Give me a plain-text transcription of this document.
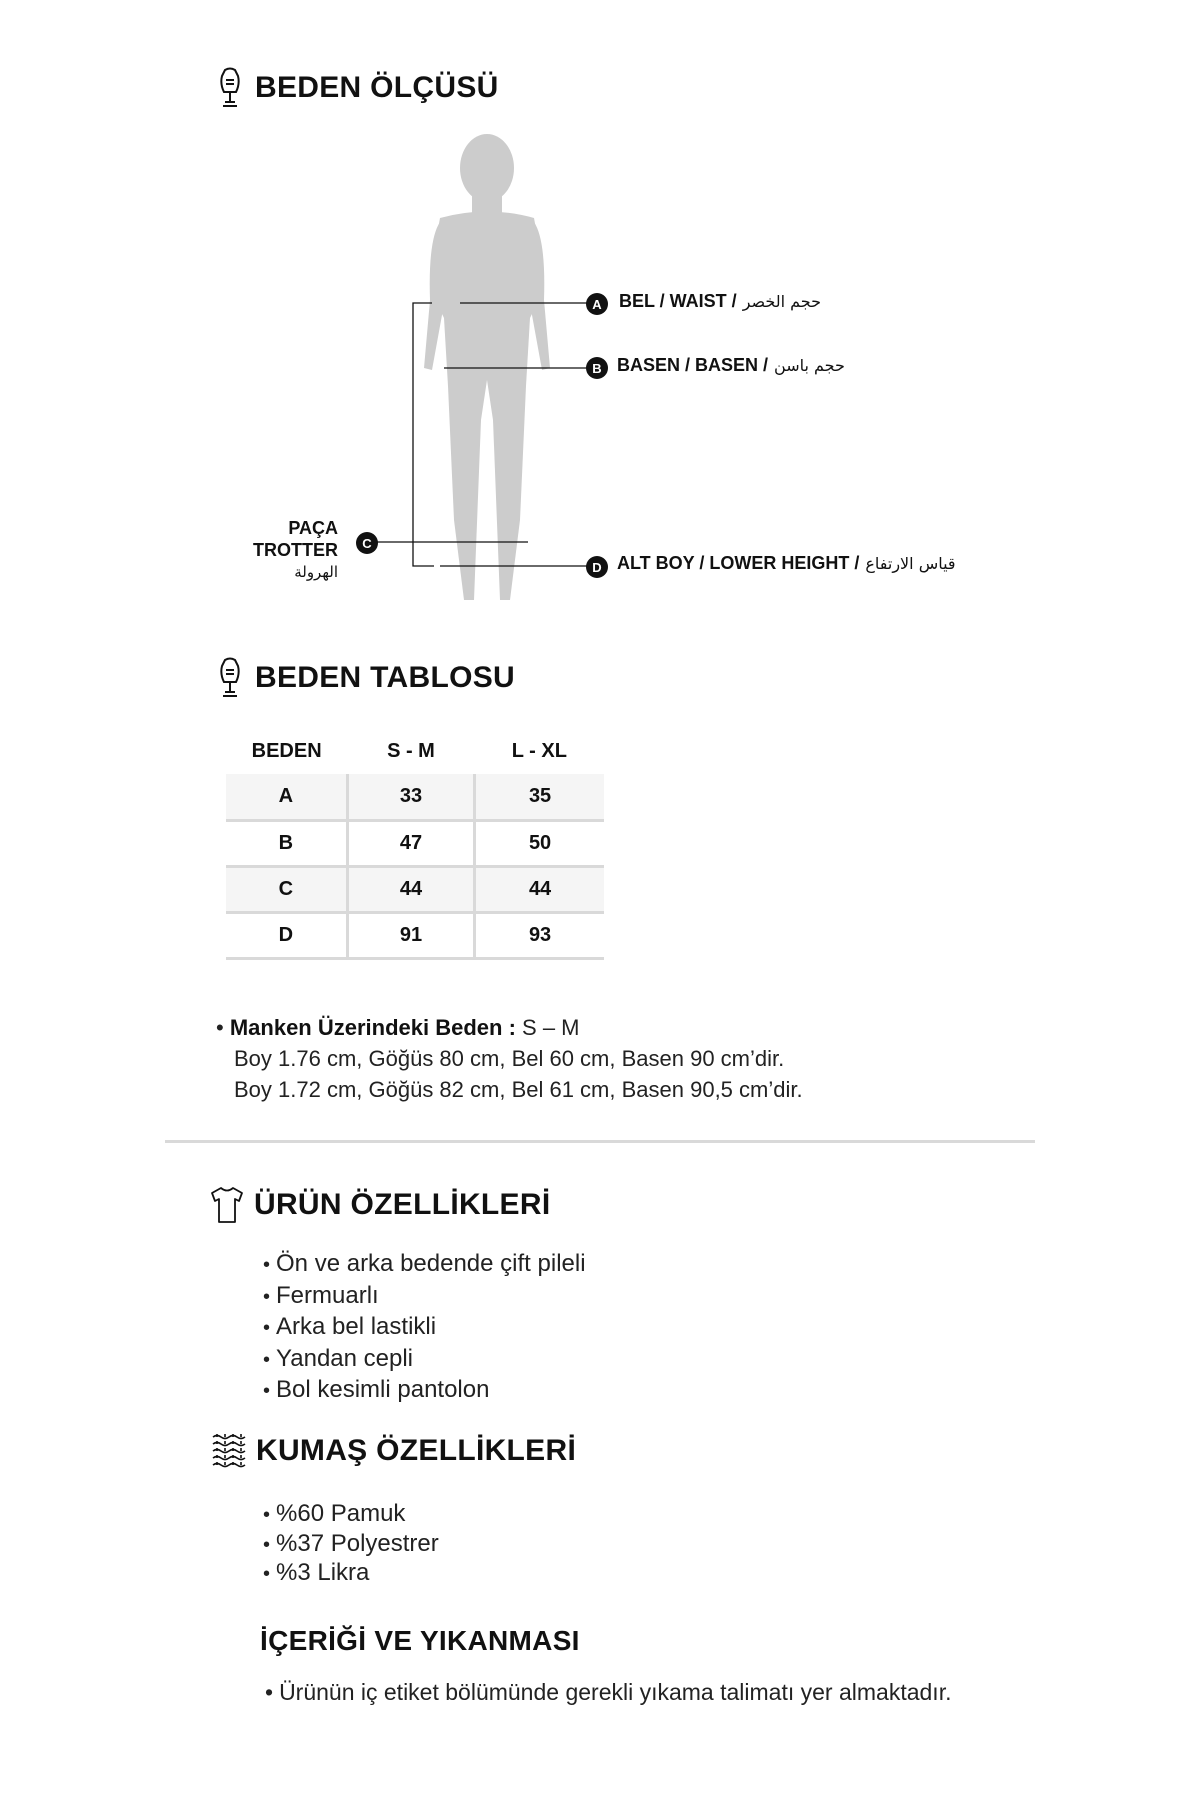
BEDEN ÖLÇÜSÜ
A BEL / WAIST / حجم الخصر
B BASEN / BASEN / حجم باسن
C
PAÇA
TROTTER
الهرولة	D ALT BOY / LOWER HEIGHT / قياس الارتفاع
BEDEN TABLOSU
BEDEN	S - M	L - XL
A	33	35
B	47	50
C	44	44
D	91	93
• Manken Üzerindeki Beden : S – M
Boy 1.76 cm, Göğüs 80 cm, Bel 60 cm, Basen 90 cm’dir.
Boy 1.72 cm, Göğüs 82 cm, Bel 61 cm, Basen 90,5 cm’dir.
ÜRÜN ÖZELLİKLERİ
• Ön ve arka bedende çift pileli
• Fermuarlı
• Arka bel lastikli
• Yandan cepli
• Bol kesimli pantolon
KUMAŞ ÖZELLİKLERİ
• %60 Pamuk
• %37 Polyestrer
• %3 Likra
İÇERİĞİ VE YIKANMASI
• Ürünün iç etiket bölümünde gerekli yıkama talimatı yer almaktadır.
